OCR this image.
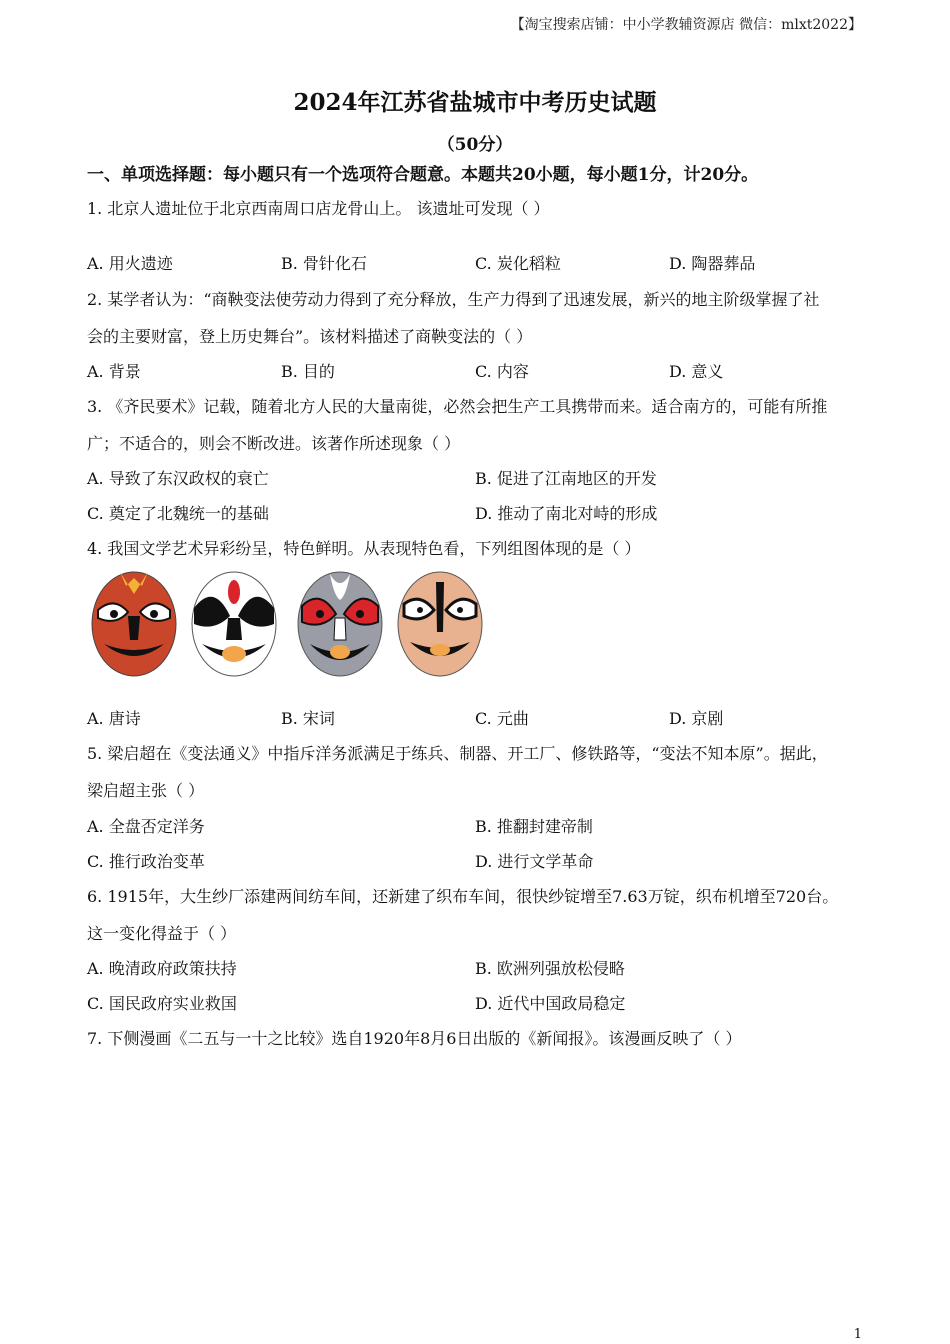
【淘宝搜索店铺：中小学教辅资源店 微信：mlxt2022】
2024年江苏省盐城市中考历史试题
（50分）
一、单项选择题：每小题只有一个选项符合题意。本题共20小题，每小题1分，计20分。
1. 北京人遗址位于北京西南周口店龙骨山上。 该遗址可发现（ ）
A. 用火遗迹	B. 骨针化石	C. 炭化稻粒	D. 陶器葬品
2. 某学者认为：“商鞅变法使劳动力得到了充分释放，生产力得到了迅速发展，新兴的地主阶级掌握了社
会的主要财富，登上历史舞台”。该材料描述了商鞅变法的（ ）
A. 背景	B. 目的	C. 内容	D. 意义
3. 《齐民要术》记载，随着北方人民的大量南徙，必然会把生产工具携带而来。适合南方的，可能有所推
广；不适合的，则会不断改进。该著作所述现象（ ）
A. 导致了东汉政权的衰亡	B. 促进了江南地区的开发
C. 奠定了北魏统一的基础	D. 推动了南北对峙的形成
4. 我国文学艺术异彩纷呈，特色鲜明。从表现特色看，下列组图体现的是（ ）
A. 唐诗	B. 宋词	C. 元曲	D. 京剧
5. 梁启超在《变法通义》中指斥洋务派满足于练兵、制器、开工厂、修铁路等，“变法不知本原”。据此，
梁启超主张（ ）
A. 全盘否定洋务	B. 推翻封建帝制
C. 推行政治变革	D. 进行文学革命
6. 1915年，大生纱厂添建两间纺车间，还新建了织布车间，很快纱锭增至7.63万锭，织布机增至720台。
这一变化得益于（ ）
A. 晚清政府政策扶持	B. 欧洲列强放松侵略
C. 国民政府实业救国	D. 近代中国政局稳定
7. 下侧漫画《二五与一十之比较》选自1920年8月6日出版的《新闻报》。该漫画反映了（ ）
1
